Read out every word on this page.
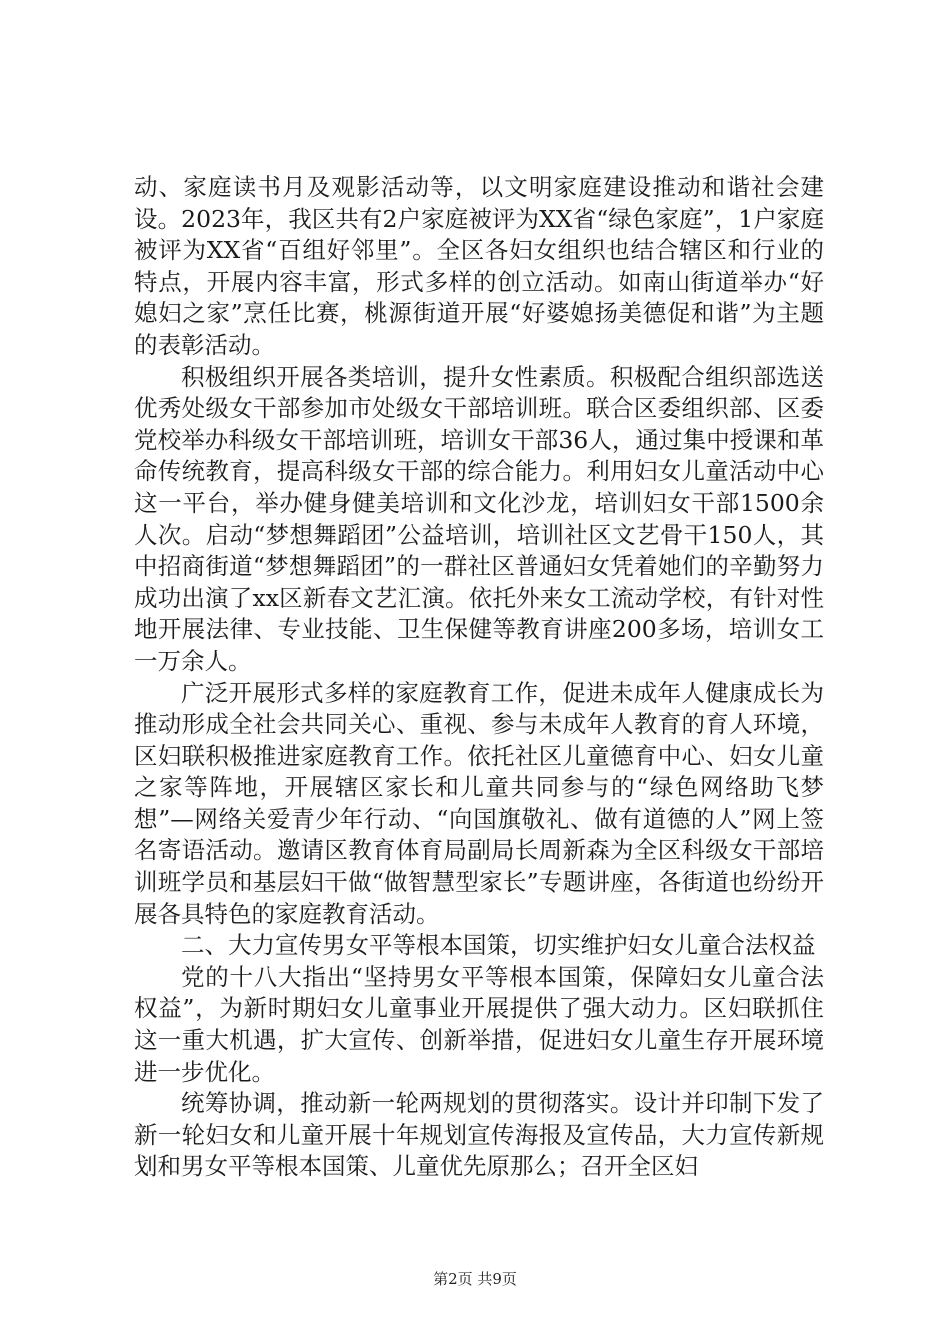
动、家庭读书月及观影活动等，以文明家庭建设推动和谐社会建设。2023年，我区共有2户家庭被评为XX省“绿色家庭”，1户家庭被评为XX省“百组好邻里”。全区各妇女组织也结合辖区和行业的特点，开展内容丰富，形式多样的创立活动。如南山街道举办“好媳妇之家”烹任比赛，桃源街道开展“好婆媳扬美德促和谐”为主题的表彰活动。

积极组织开展各类培训，提升女性素质。积极配合组织部选送优秀处级女干部参加市处级女干部培训班。联合区委组织部、区委党校举办科级女干部培训班，培训女干部36人，通过集中授课和革命传统教育，提高科级女干部的综合能力。利用妇女儿童活动中心这一平台，举办健身健美培训和文化沙龙，培训妇女干部1500余人次。启动“梦想舞蹈团”公益培训，培训社区文艺骨干150人，其中招商街道“梦想舞蹈团”的一群社区普通妇女凭着她们的辛勤努力成功出演了xx区新春文艺汇演。依托外来女工流动学校，有针对性地开展法律、专业技能、卫生保健等教育讲座200多场，培训女工一万余人。

广泛开展形式多样的家庭教育工作，促进未成年人健康成长为推动形成全社会共同关心、重视、参与未成年人教育的育人环境，区妇联积极推进家庭教育工作。依托社区儿童德育中心、妇女儿童之家等阵地，开展辖区家长和儿童共同参与的“绿色网络助飞梦想”—网络关爱青少年行动、“向国旗敬礼、做有道德的人”网上签名寄语活动。邀请区教育体育局副局长周新森为全区科级女干部培训班学员和基层妇干做“做智慧型家长”专题讲座，各街道也纷纷开展各具特色的家庭教育活动。

二、大力宣传男女平等根本国策，切实维护妇女儿童合法权益

党的十八大指出“坚持男女平等根本国策，保障妇女儿童合法权益”，为新时期妇女儿童事业开展提供了强大动力。区妇联抓住这一重大机遇，扩大宣传、创新举措，促进妇女儿童生存开展环境进一步优化。

统筹协调，推动新一轮两规划的贯彻落实。设计并印制下发了新一轮妇女和儿童开展十年规划宣传海报及宣传品，大力宣传新规划和男女平等根本国策、儿童优先原那么；召开全区妇

第2页 共9页
